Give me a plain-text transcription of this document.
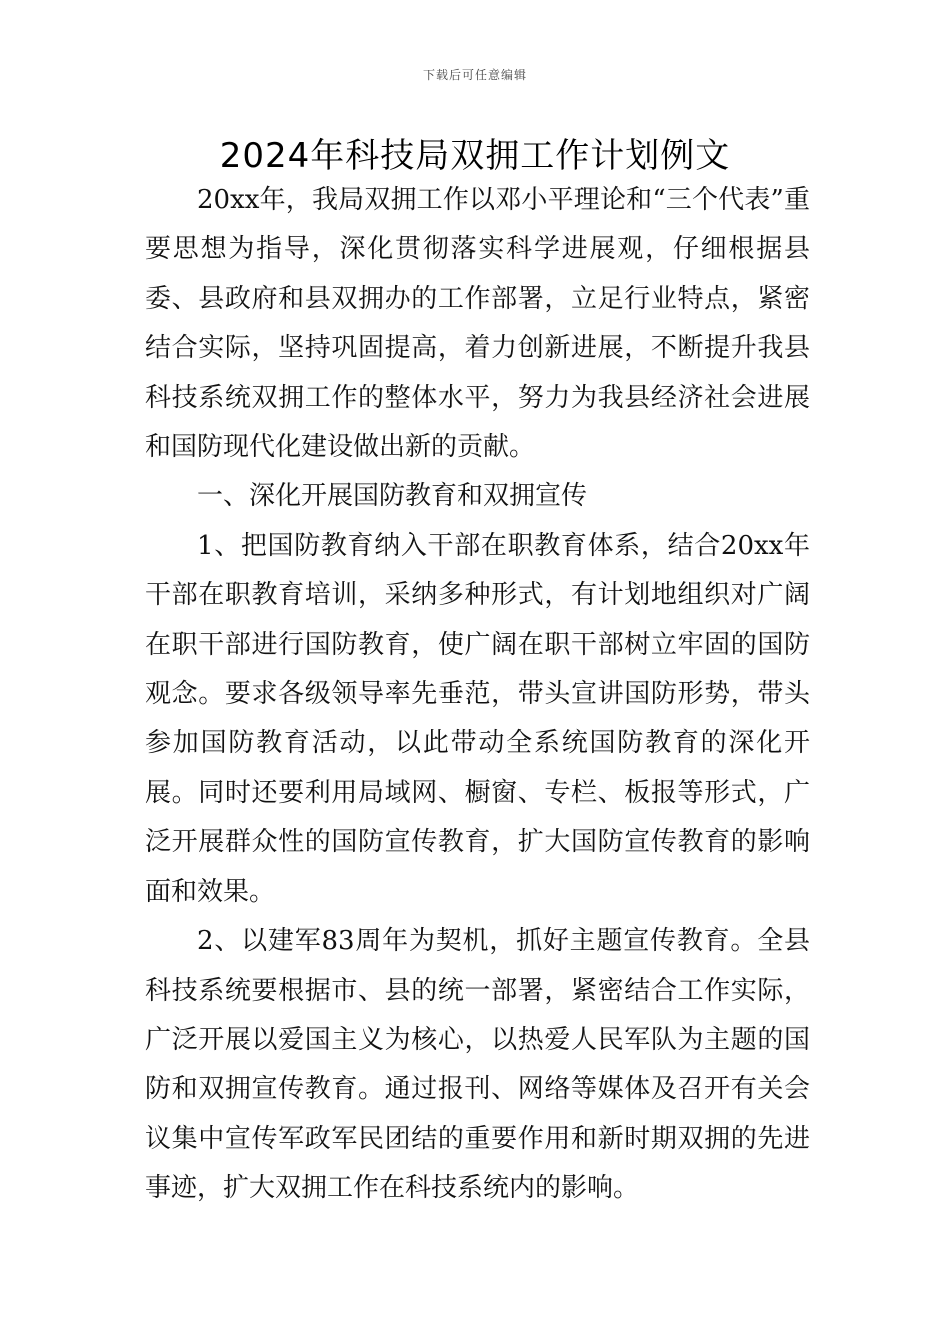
下载后可任意编辑
2024年科技局双拥工作计划例文

20xx年，我局双拥工作以邓小平理论和“三个代表”重要思想为指导，深化贯彻落实科学进展观，仔细根据县委、县政府和县双拥办的工作部署，立足行业特点，紧密结合实际，坚持巩固提高，着力创新进展，不断提升我县科技系统双拥工作的整体水平，努力为我县经济社会进展和国防现代化建设做出新的贡献。

一、深化开展国防教育和双拥宣传

1、把国防教育纳入干部在职教育体系，结合20xx年干部在职教育培训，采纳多种形式，有计划地组织对广阔在职干部进行国防教育，使广阔在职干部树立牢固的国防观念。要求各级领导率先垂范，带头宣讲国防形势，带头参加国防教育活动，以此带动全系统国防教育的深化开展。同时还要利用局域网、橱窗、专栏、板报等形式，广泛开展群众性的国防宣传教育，扩大国防宣传教育的影响面和效果。

2、以建军83周年为契机，抓好主题宣传教育。全县科技系统要根据市、县的统一部署，紧密结合工作实际，广泛开展以爱国主义为核心，以热爱人民军队为主题的国防和双拥宣传教育。通过报刊、网络等媒体及召开有关会议集中宣传军政军民团结的重要作用和新时期双拥的先进事迹，扩大双拥工作在科技系统内的影响。
